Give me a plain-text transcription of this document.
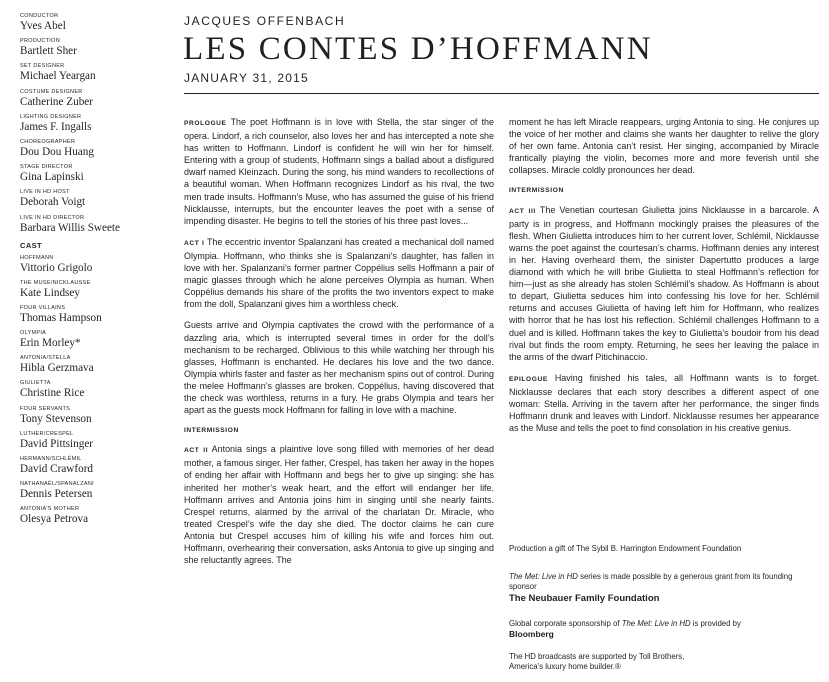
CONDUCTOR
Yves Abel
PRODUCTION
Bartlett Sher
SET DESIGNER
Michael Yeargan
COSTUME DESIGNER
Catherine Zuber
LIGHTING DESIGNER
James F. Ingalls
CHOREOGRAPHER
Dou Dou Huang
STAGE DIRECTOR
Gina Lapinski
LIVE IN HD HOST
Deborah Voigt
LIVE IN HD DIRECTOR
Barbara Willis Sweete
CAST
HOFFMANN
Vittorio Grigolo
THE MUSE/NICKLAUSSE
Kate Lindsey
FOUR VILLAINS
Thomas Hampson
OLYMPIA
Erin Morley*
ANTONIA/STELLA
Hibla Gerzmava
GIULIETTA
Christine Rice
FOUR SERVANTS
Tony Stevenson
LUTHER/CRESPEL
David Pittsinger
HERMANN/SCHLÉMIL
David Crawford
NATHANAËL/SPANALZANI
Dennis Petersen
ANTONIA'S MOTHER
Olesya Petrova
JACQUES OFFENBACH
LES CONTES D’HOFFMANN
JANUARY 31, 2015

PROLOGUE The poet Hoffmann is in love with Stella, the star singer of the opera. Lindorf, a rich counselor, also loves her and has intercepted a note she has written to Hoffmann. Lindorf is confident he will win her for himself. Entering with a group of students, Hoffmann sings a ballad about a disfigured dwarf named Kleinzach. During the song, his mind wanders to recollections of a beautiful woman. When Hoffmann recognizes Lindorf as his rival, the two men trade insults. Hoffmann’s Muse, who has assumed the guise of his friend Nicklausse, interrupts, but the encounter leaves the poet with a sense of impending disaster. He begins to tell the stories of his three past loves...

ACT I The eccentric inventor Spalanzani has created a mechanical doll named Olympia. Hoffmann, who thinks she is Spalanzani’s daughter, has fallen in love with her. Spalanzani’s former partner Coppélius sells Hoffmann a pair of magic glasses through which he alone perceives Olympia as human. When Coppélius demands his share of the profits the two inventors expect to make from the doll, Spalanzani gives him a worthless check.

Guests arrive and Olympia captivates the crowd with the performance of a dazzling aria, which is interrupted several times in order for the doll’s mechanism to be recharged. Oblivious to this while watching her through his glasses, Hoffmann is enchanted. He declares his love and the two dance. Olympia whirls faster and faster as her mechanism spins out of control. During the melee Hoffmann’s glasses are broken. Coppélius, having discovered that the check was worthless, returns in a fury. He grabs Olympia and tears her apart as the guests mock Hoffmann for falling in love with a machine.

INTERMISSION

ACT II Antonia sings a plaintive love song filled with memories of her dead mother, a famous singer. Her father, Crespel, has taken her away in the hopes of ending her affair with Hoffmann and begs her to give up singing: she has inherited her mother’s weak heart, and the effort will endanger her life. Hoffmann arrives and Antonia joins him in singing until she nearly faints. Crespel returns, alarmed by the arrival of the charlatan Dr. Miracle, who treated Crespel’s wife the day she died. The doctor claims he can cure Antonia but Crespel accuses him of killing his wife and forces him out. Hoffmann, overhearing their conversation, asks Antonia to give up singing and she reluctantly agrees. The

moment he has left Miracle reappears, urging Antonia to sing. He conjures up the voice of her mother and claims she wants her daughter to relive the glory of her own fame. Antonia can’t resist. Her singing, accompanied by Miracle frantically playing the violin, becomes more and more feverish until she collapses. Miracle coldly pronounces her dead.

INTERMISSION

ACT III The Venetian courtesan Giulietta joins Nicklausse in a barcarole. A party is in progress, and Hoffmann mockingly praises the pleasures of the flesh. When Giulietta introduces him to her current lover, Schlémil, Nicklausse warns the poet against the courtesan’s charms. Hoffmann denies any interest in her. Having overheard them, the sinister Dapertutto produces a large diamond with which he will bribe Giulietta to steal Hoffmann’s reflection for him—just as she already has stolen Schlémil’s shadow. As Hoffmann is about to depart, Giulietta seduces him into confessing his love for her. Schlémil returns and accuses Giulietta of having left him for Hoffmann, who realizes with horror that he has lost his reflection. Schlémil challenges Hoffmann to a duel and is killed. Hoffmann takes the key to Giulietta’s boudoir from his dead rival but finds the room empty. Returning, he sees her leaving the palace in the arms of the dwarf Pitichinaccio.

EPILOGUE Having finished his tales, all Hoffmann wants is to forget. Nicklausse declares that each story describes a different aspect of one woman: Stella. Arriving in the tavern after her performance, the singer finds Hoffmann drunk and leaves with Lindorf. Nicklausse resumes her appearance as the Muse and tells the poet to find consolation in his creative genius.

Production a gift of The Sybil B. Harrington Endowment Foundation
The Met: Live in HD series is made possible by a generous grant from its founding sponsor
The Neubauer Family Foundation
Global corporate sponsorship of The Met: Live in HD is provided by
Bloomberg
The HD broadcasts are supported by Toll Brothers,
America’s luxury home builder.®
